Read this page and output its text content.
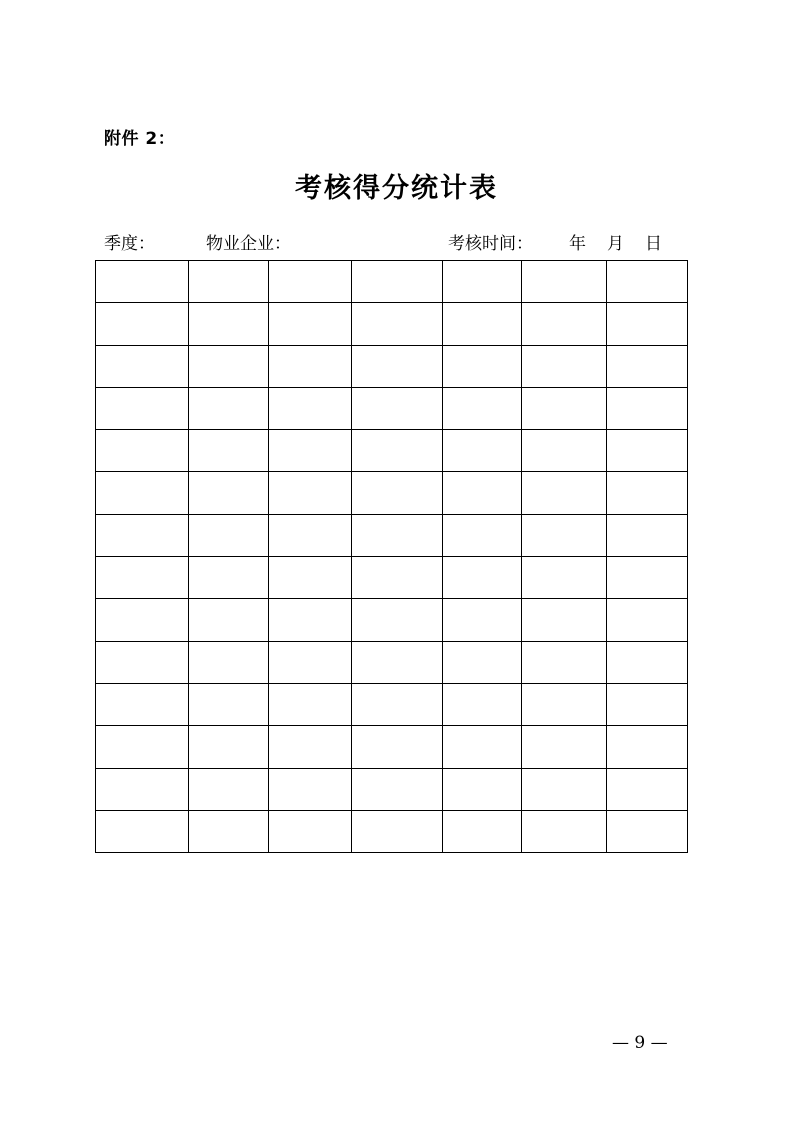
附件 2：
考核得分统计表
季度：	物业企业：	考核时间： 年 月 日

— 9 —
